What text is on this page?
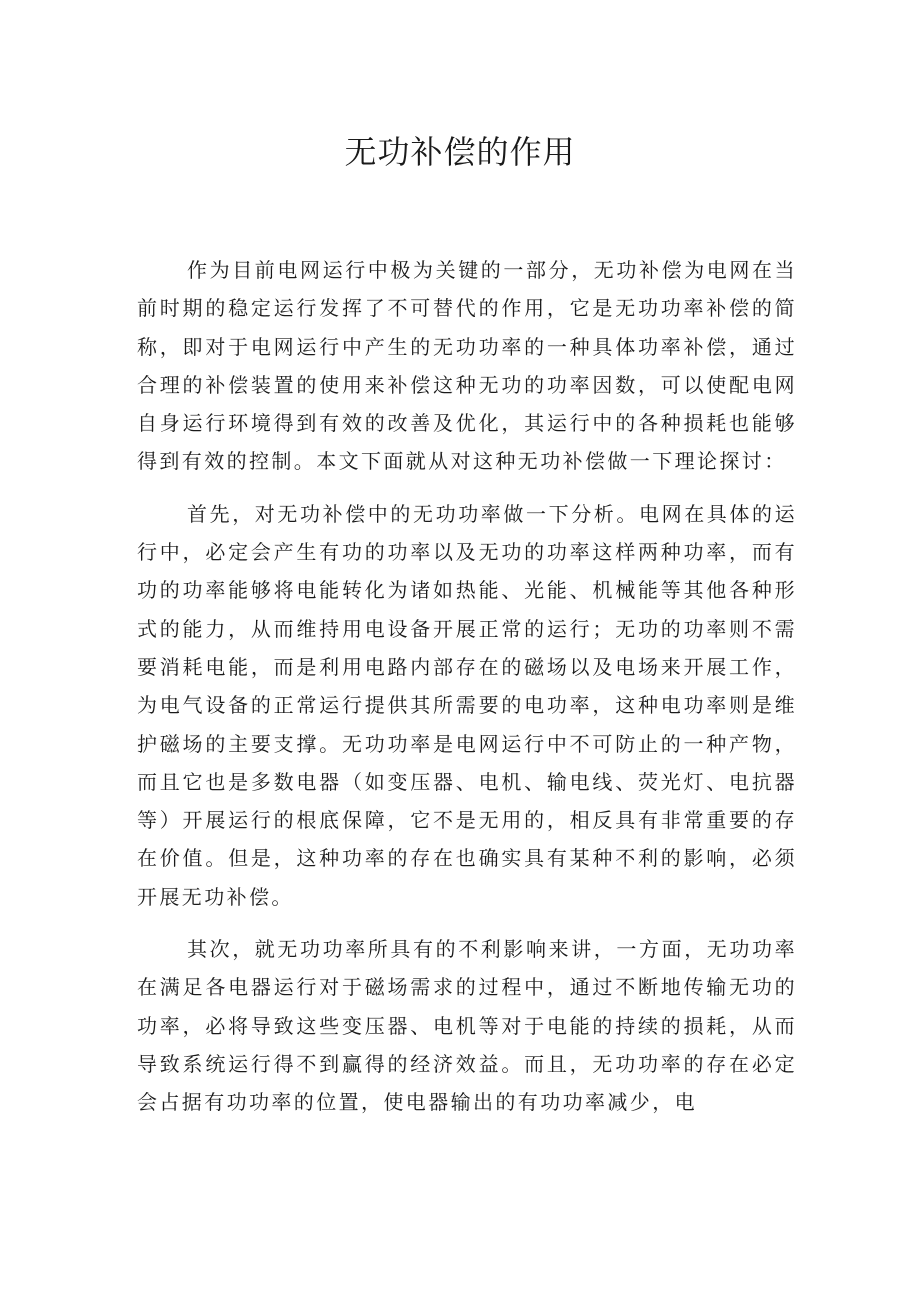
无功补偿的作用

作为目前电网运行中极为关键的一部分，无功补偿为电网在当前时期的稳定运行发挥了不可替代的作用，它是无功功率补偿的简称，即对于电网运行中产生的无功功率的一种具体功率补偿，通过合理的补偿装置的使用来补偿这种无功的功率因数，可以使配电网自身运行环境得到有效的改善及优化，其运行中的各种损耗也能够得到有效的控制。本文下面就从对这种无功补偿做一下理论探讨：

首先，对无功补偿中的无功功率做一下分析。电网在具体的运行中，必定会产生有功的功率以及无功的功率这样两种功率，而有功的功率能够将电能转化为诸如热能、光能、机械能等其他各种形式的能力，从而维持用电设备开展正常的运行；无功的功率则不需要消耗电能，而是利用电路内部存在的磁场以及电场来开展工作，为电气设备的正常运行提供其所需要的电功率，这种电功率则是维护磁场的主要支撑。无功功率是电网运行中不可防止的一种产物，而且它也是多数电器（如变压器、电机、输电线、荧光灯、电抗器等）开展运行的根底保障，它不是无用的，相反具有非常重要的存在价值。但是，这种功率的存在也确实具有某种不利的影响，必须开展无功补偿。

其次，就无功功率所具有的不利影响来讲，一方面，无功功率在满足各电器运行对于磁场需求的过程中，通过不断地传输无功的功率，必将导致这些变压器、电机等对于电能的持续的损耗，从而导致系统运行得不到赢得的经济效益。而且，无功功率的存在必定会占据有功功率的位置，使电器输出的有功功率减少，电
